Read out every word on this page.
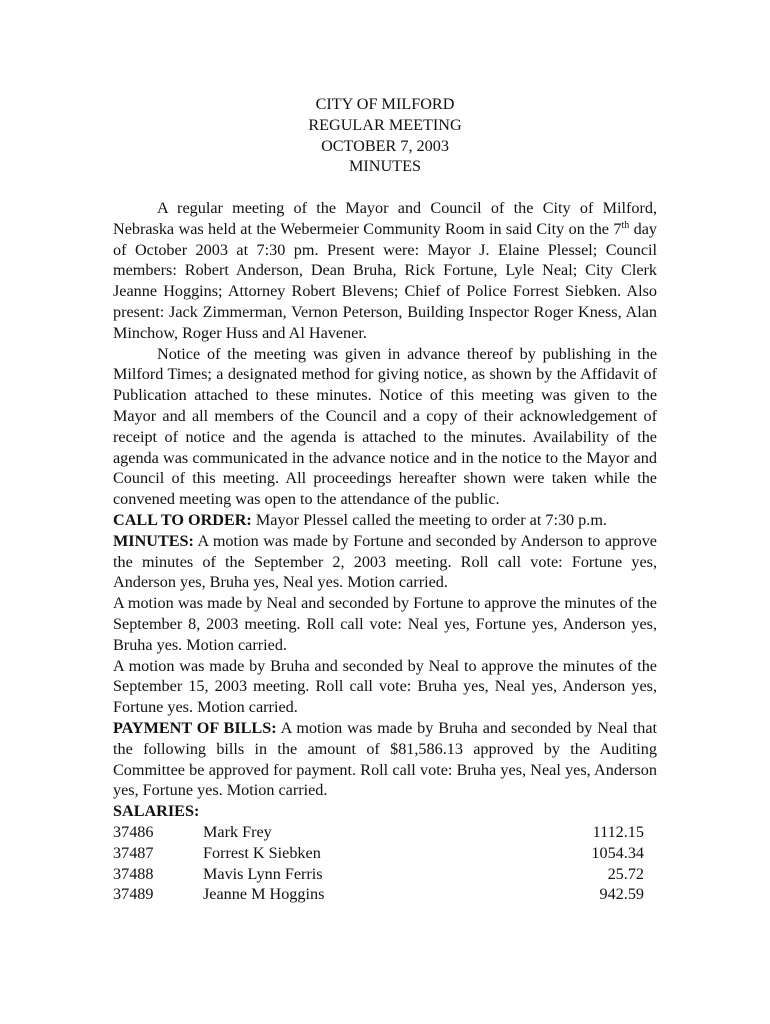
CITY OF MILFORD
REGULAR MEETING
OCTOBER 7, 2003
MINUTES

A regular meeting of the Mayor and Council of the City of Milford, Nebraska was held at the Webermeier Community Room in said City on the 7th day of October 2003 at 7:30 pm. Present were: Mayor J. Elaine Plessel; Council members: Robert Anderson, Dean Bruha, Rick Fortune, Lyle Neal; City Clerk Jeanne Hoggins; Attorney Robert Blevens; Chief of Police Forrest Siebken. Also present: Jack Zimmerman, Vernon Peterson, Building Inspector Roger Kness, Alan Minchow, Roger Huss and Al Havener.

Notice of the meeting was given in advance thereof by publishing in the Milford Times; a designated method for giving notice, as shown by the Affidavit of Publication attached to these minutes. Notice of this meeting was given to the Mayor and all members of the Council and a copy of their acknowledgement of receipt of notice and the agenda is attached to the minutes. Availability of the agenda was communicated in the advance notice and in the notice to the Mayor and Council of this meeting. All proceedings hereafter shown were taken while the convened meeting was open to the attendance of the public.

CALL TO ORDER: Mayor Plessel called the meeting to order at 7:30 p.m.

MINUTES: A motion was made by Fortune and seconded by Anderson to approve the minutes of the September 2, 2003 meeting. Roll call vote: Fortune yes, Anderson yes, Bruha yes, Neal yes. Motion carried.

A motion was made by Neal and seconded by Fortune to approve the minutes of the September 8, 2003 meeting. Roll call vote: Neal yes, Fortune yes, Anderson yes, Bruha yes. Motion carried.

A motion was made by Bruha and seconded by Neal to approve the minutes of the September 15, 2003 meeting. Roll call vote: Bruha yes, Neal yes, Anderson yes, Fortune yes. Motion carried.

PAYMENT OF BILLS: A motion was made by Bruha and seconded by Neal that the following bills in the amount of $81,586.13 approved by the Auditing Committee be approved for payment. Roll call vote: Bruha yes, Neal yes, Anderson yes, Fortune yes. Motion carried.

SALARIES:
37486	Mark Frey	1112.15
37487	Forrest K Siebken	1054.34
37488	Mavis Lynn Ferris	25.72
37489	Jeanne M Hoggins	942.59
